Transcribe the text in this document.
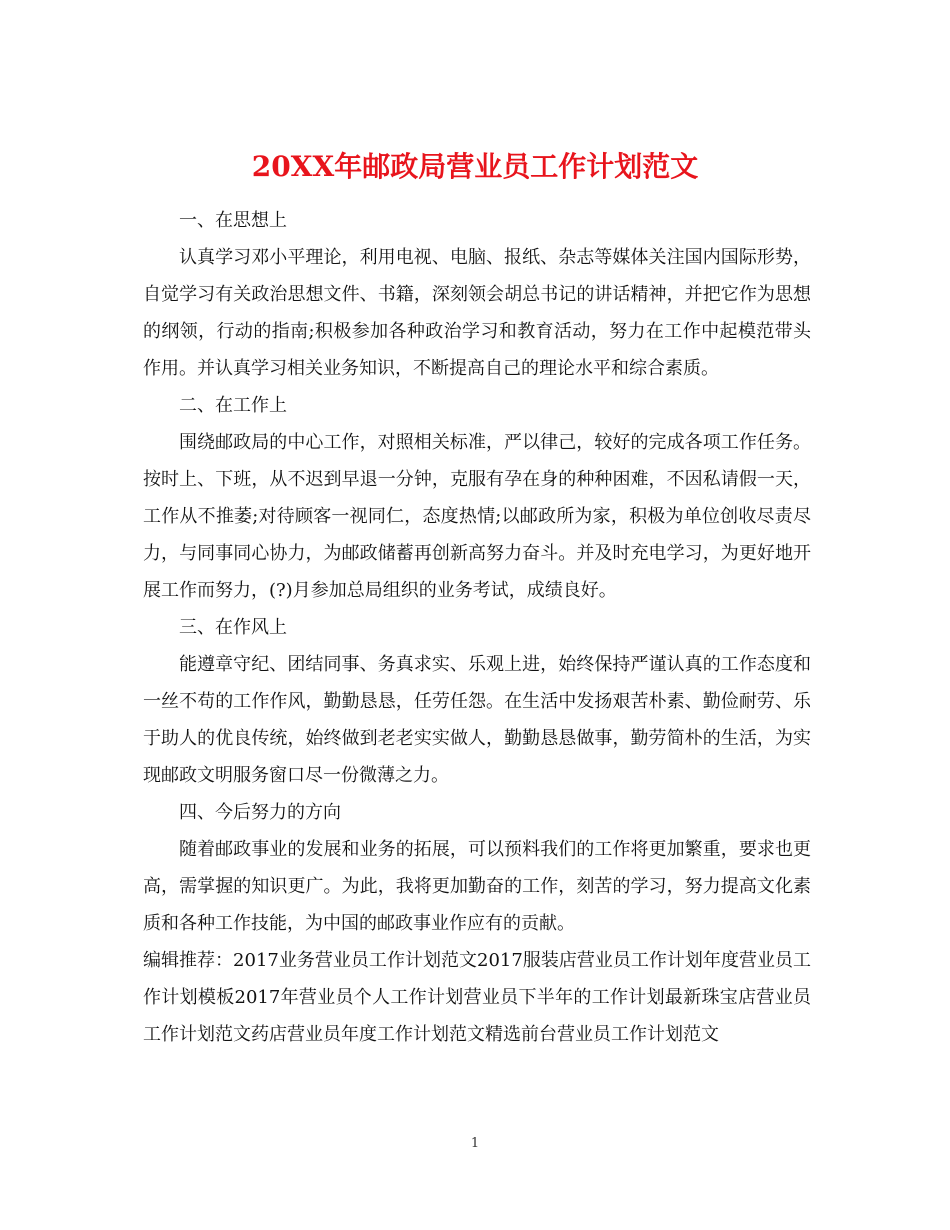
20XX年邮政局营业员工作计划范文

一、在思想上

认真学习邓小平理论，利用电视、电脑、报纸、杂志等媒体关注国内国际形势，自觉学习有关政治思想文件、书籍，深刻领会胡总书记的讲话精神，并把它作为思想的纲领，行动的指南;积极参加各种政治学习和教育活动，努力在工作中起模范带头作用。并认真学习相关业务知识，不断提高自己的理论水平和综合素质。

二、在工作上

围绕邮政局的中心工作，对照相关标准，严以律己，较好的完成各项工作任务。按时上、下班，从不迟到早退一分钟，克服有孕在身的种种困难，不因私请假一天，工作从不推萎;对待顾客一视同仁，态度热情;以邮政所为家，积极为单位创收尽责尽力，与同事同心协力，为邮政储蓄再创新高努力奋斗。并及时充电学习，为更好地开展工作而努力，(?)月参加总局组织的业务考试，成绩良好。

三、在作风上

能遵章守纪、团结同事、务真求实、乐观上进，始终保持严谨认真的工作态度和一丝不苟的工作作风，勤勤恳恳，任劳任怨。在生活中发扬艰苦朴素、勤俭耐劳、乐于助人的优良传统，始终做到老老实实做人，勤勤恳恳做事，勤劳简朴的生活，为实现邮政文明服务窗口尽一份微薄之力。

四、今后努力的方向

随着邮政事业的发展和业务的拓展，可以预料我们的工作将更加繁重，要求也更高，需掌握的知识更广。为此，我将更加勤奋的工作，刻苦的学习，努力提高文化素质和各种工作技能，为中国的邮政事业作应有的贡献。

编辑推荐：2017业务营业员工作计划范文2017服装店营业员工作计划年度营业员工作计划模板2017年营业员个人工作计划营业员下半年的工作计划最新珠宝店营业员工作计划范文药店营业员年度工作计划范文精选前台营业员工作计划范文

1
